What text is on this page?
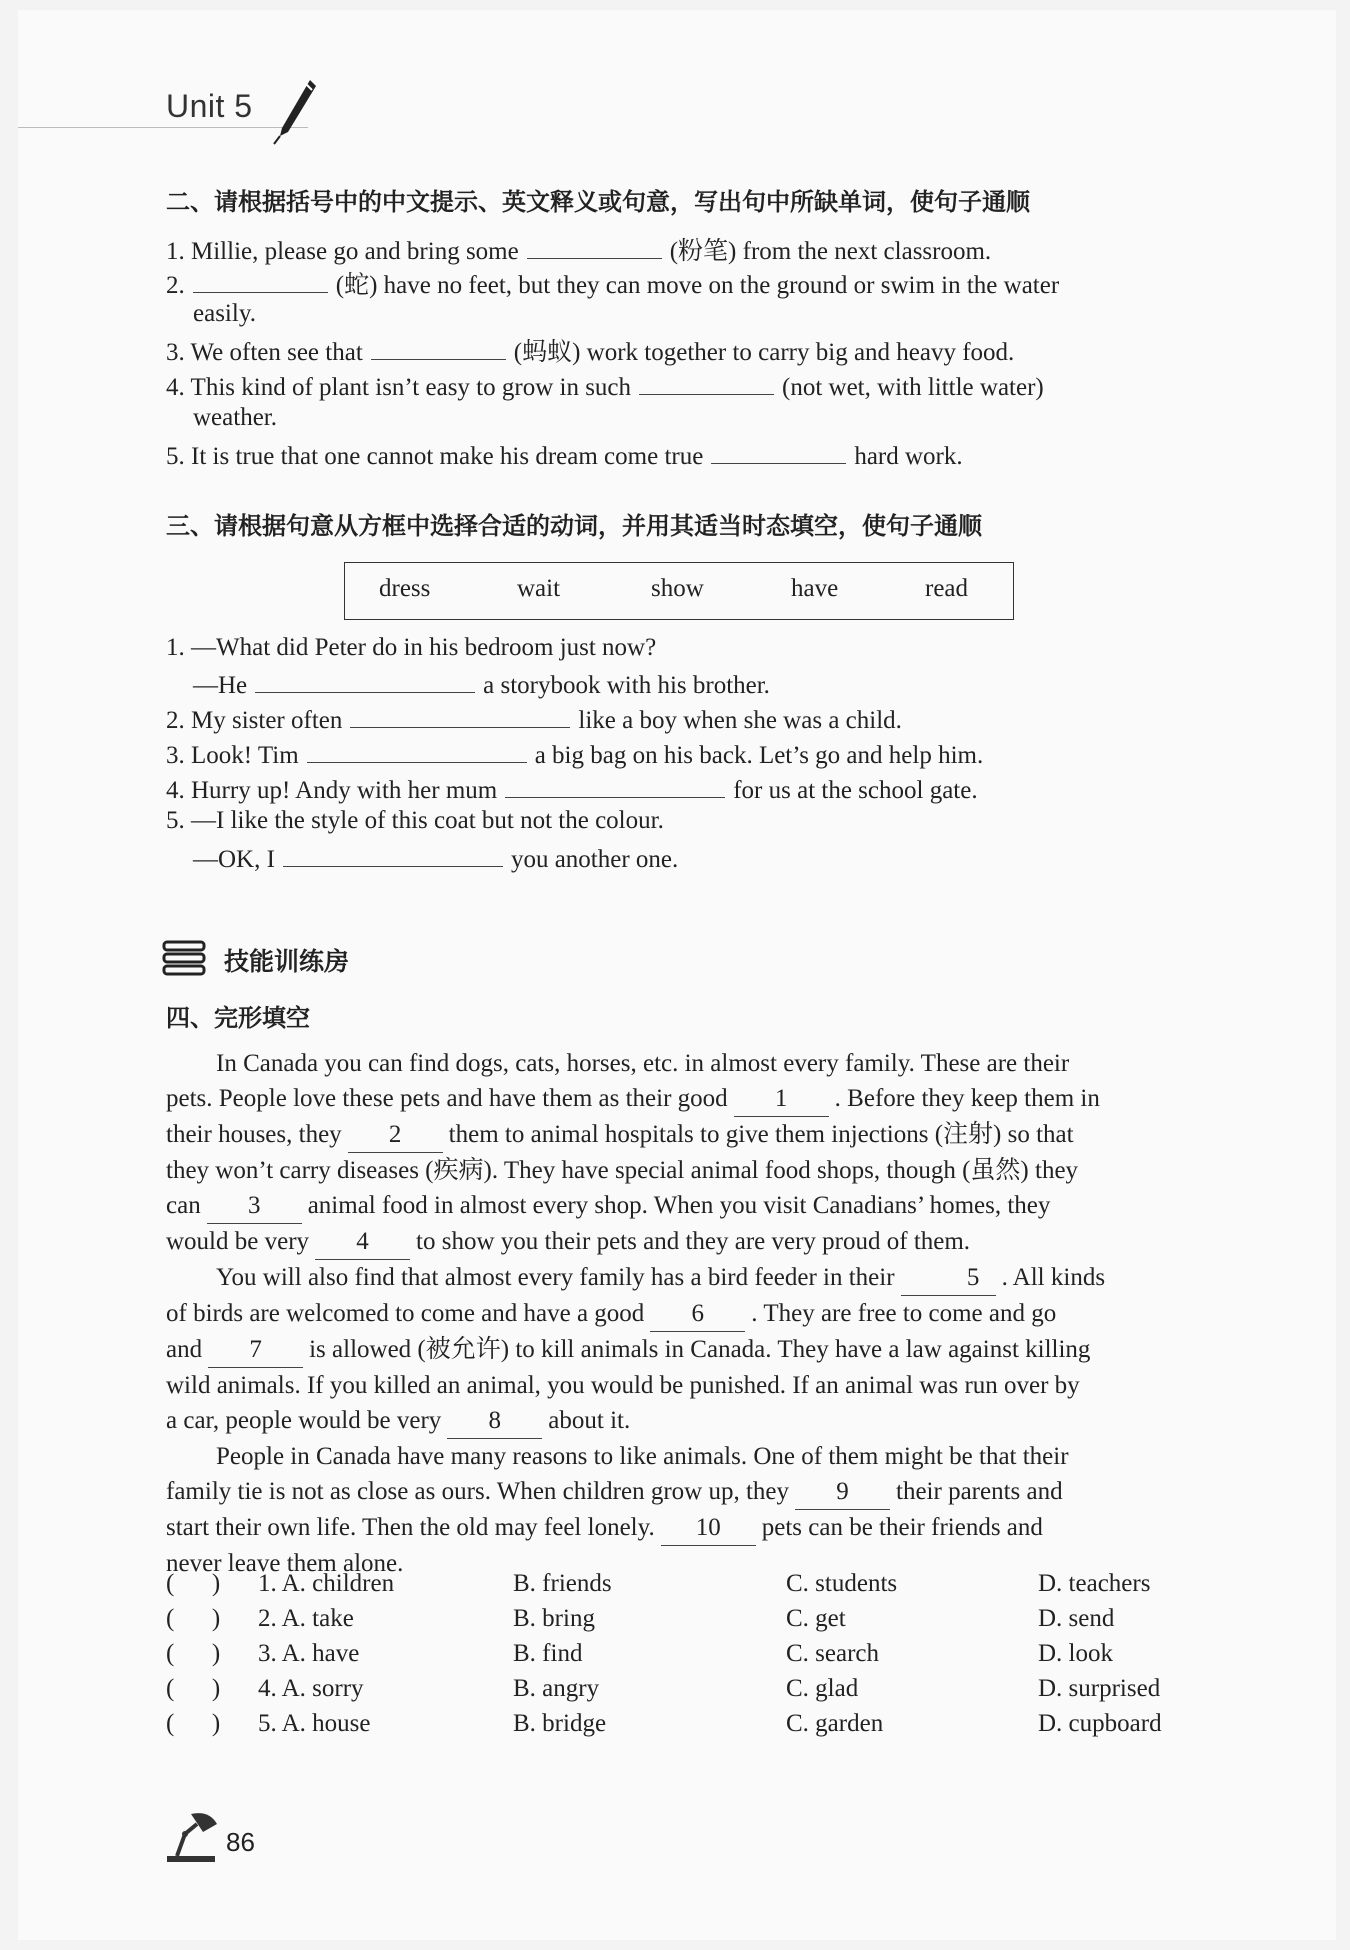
Unit 5
二、请根据括号中的中文提示、英文释义或句意，写出句中所缺单词，使句子通顺
1. Millie, please go and bring some	(粉笔) from the next classroom.
2.	(蛇) have no feet, but they can move on the ground or swim in the water
easily.
3. We often see that	(蚂蚁) work together to carry big and heavy food.
4. This kind of plant isn’t easy to grow in such	(not wet, with little water)
weather.
5. It is true that one cannot make his dream come true	hard work.
三、请根据句意从方框中选择合适的动词，并用其适当时态填空，使句子通顺
dress	wait	show	have	read
1. —What did Peter do in his bedroom just now?
—He	a storybook with his brother.
2. My sister often	like a boy when she was a child.
3. Look! Tim	a big bag on his back. Let’s go and help him.
4. Hurry up! Andy with her mum	for us at the school gate.
5. —I like the style of this coat but not the colour.
—OK, I	you another one.
技能训练房
四、完形填空
In Canada you can find dogs, cats, horses, etc. in almost every family. These are their
pets. People love these pets and have them as their good 1 . Before they keep them in
their houses, they 2 them to animal hospitals to give them injections (注射) so that
they won’t carry diseases (疾病). They have special animal food shops, though (虽然) they
can 3 animal food in almost every shop. When you visit Canadians’ homes, they
would be very 4 to show you their pets and they are very proud of them.
You will also find that almost every family has a bird feeder in their	5 . All kinds
of birds are welcomed to come and have a good 6 . They are free to come and go
and 7 is allowed (被允许) to kill animals in Canada. They have a law against killing
wild animals. If you killed an animal, you would be punished. If an animal was run over by
a car, people would be very 8 about it.
People in Canada have many reasons to like animals. One of them might be that their
family tie is not as close as ours. When children grow up, they 9 their parents and
start their own life. Then the old may feel lonely. 10 pets can be their friends and
never leave them alone.
( ) 1. A. children	B. friends	C. students	D. teachers
( ) 2. A. take	B. bring	C. get	D. send
( ) 3. A. have	B. find	C. search	D. look
( ) 4. A. sorry	B. angry	C. glad	D. surprised
( ) 5. A. house	B. bridge	C. garden	D. cupboard
86
